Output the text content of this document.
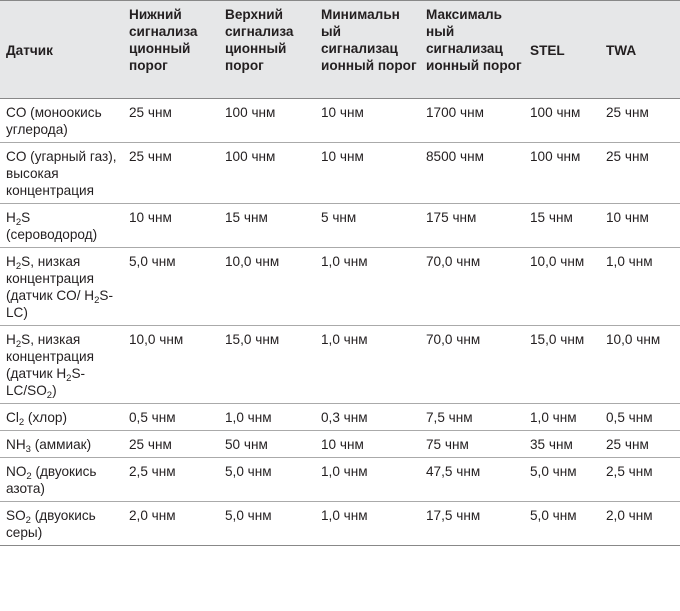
Датчик	Нижний сигнализа ционный порог	Верхний сигнализа ционный порог	Минимальн ый сигнализац ионный порог	Максималь ный сигнализац ионный порог	STEL	TWA

CO (моноокись углерода)	25 чнм	100 чнм	10 чнм	1700 чнм	100 чнм	25 чнм

CO (угарный газ), высокая концентрация	25 чнм	100 чнм	10 чнм	8500 чнм	100 чнм	25 чнм

$H_2S$ (сероводород)	10 чнм	15 чнм	5 чнм	175 чнм	15 чнм	10 чнм

$H_2S$, низкая концентрация
(датчик CO/ $H_2S-LC$)	5,0 чнм	10,0 чнм	1,0 чнм	70,0 чнм	10,0 чнм	1,0 чнм

$H_2S$, низкая концентрация
(датчик $H_2S-LC/SO_2$)	10,0 чнм	15,0 чнм	1,0 чнм	70,0 чнм	15,0 чнм	10,0 чнм

$Cl_2$ (хлор)	0,5 чнм	1,0 чнм	0,3 чнм	7,5 чнм	1,0 чнм	0,5 чнм

$NH_3$ (аммиак)	25 чнм	50 чнм	10 чнм	75 чнм	35 чнм	25 чнм

$NO_2$ (двуокись азота)	2,5 чнм	5,0 чнм	1,0 чнм	47,5 чнм	5,0 чнм	2,5 чнм

$SO_2$ (двуокись серы)	2,0 чнм	5,0 чнм	1,0 чнм	17,5 чнм	5,0 чнм	2,0 чнм
